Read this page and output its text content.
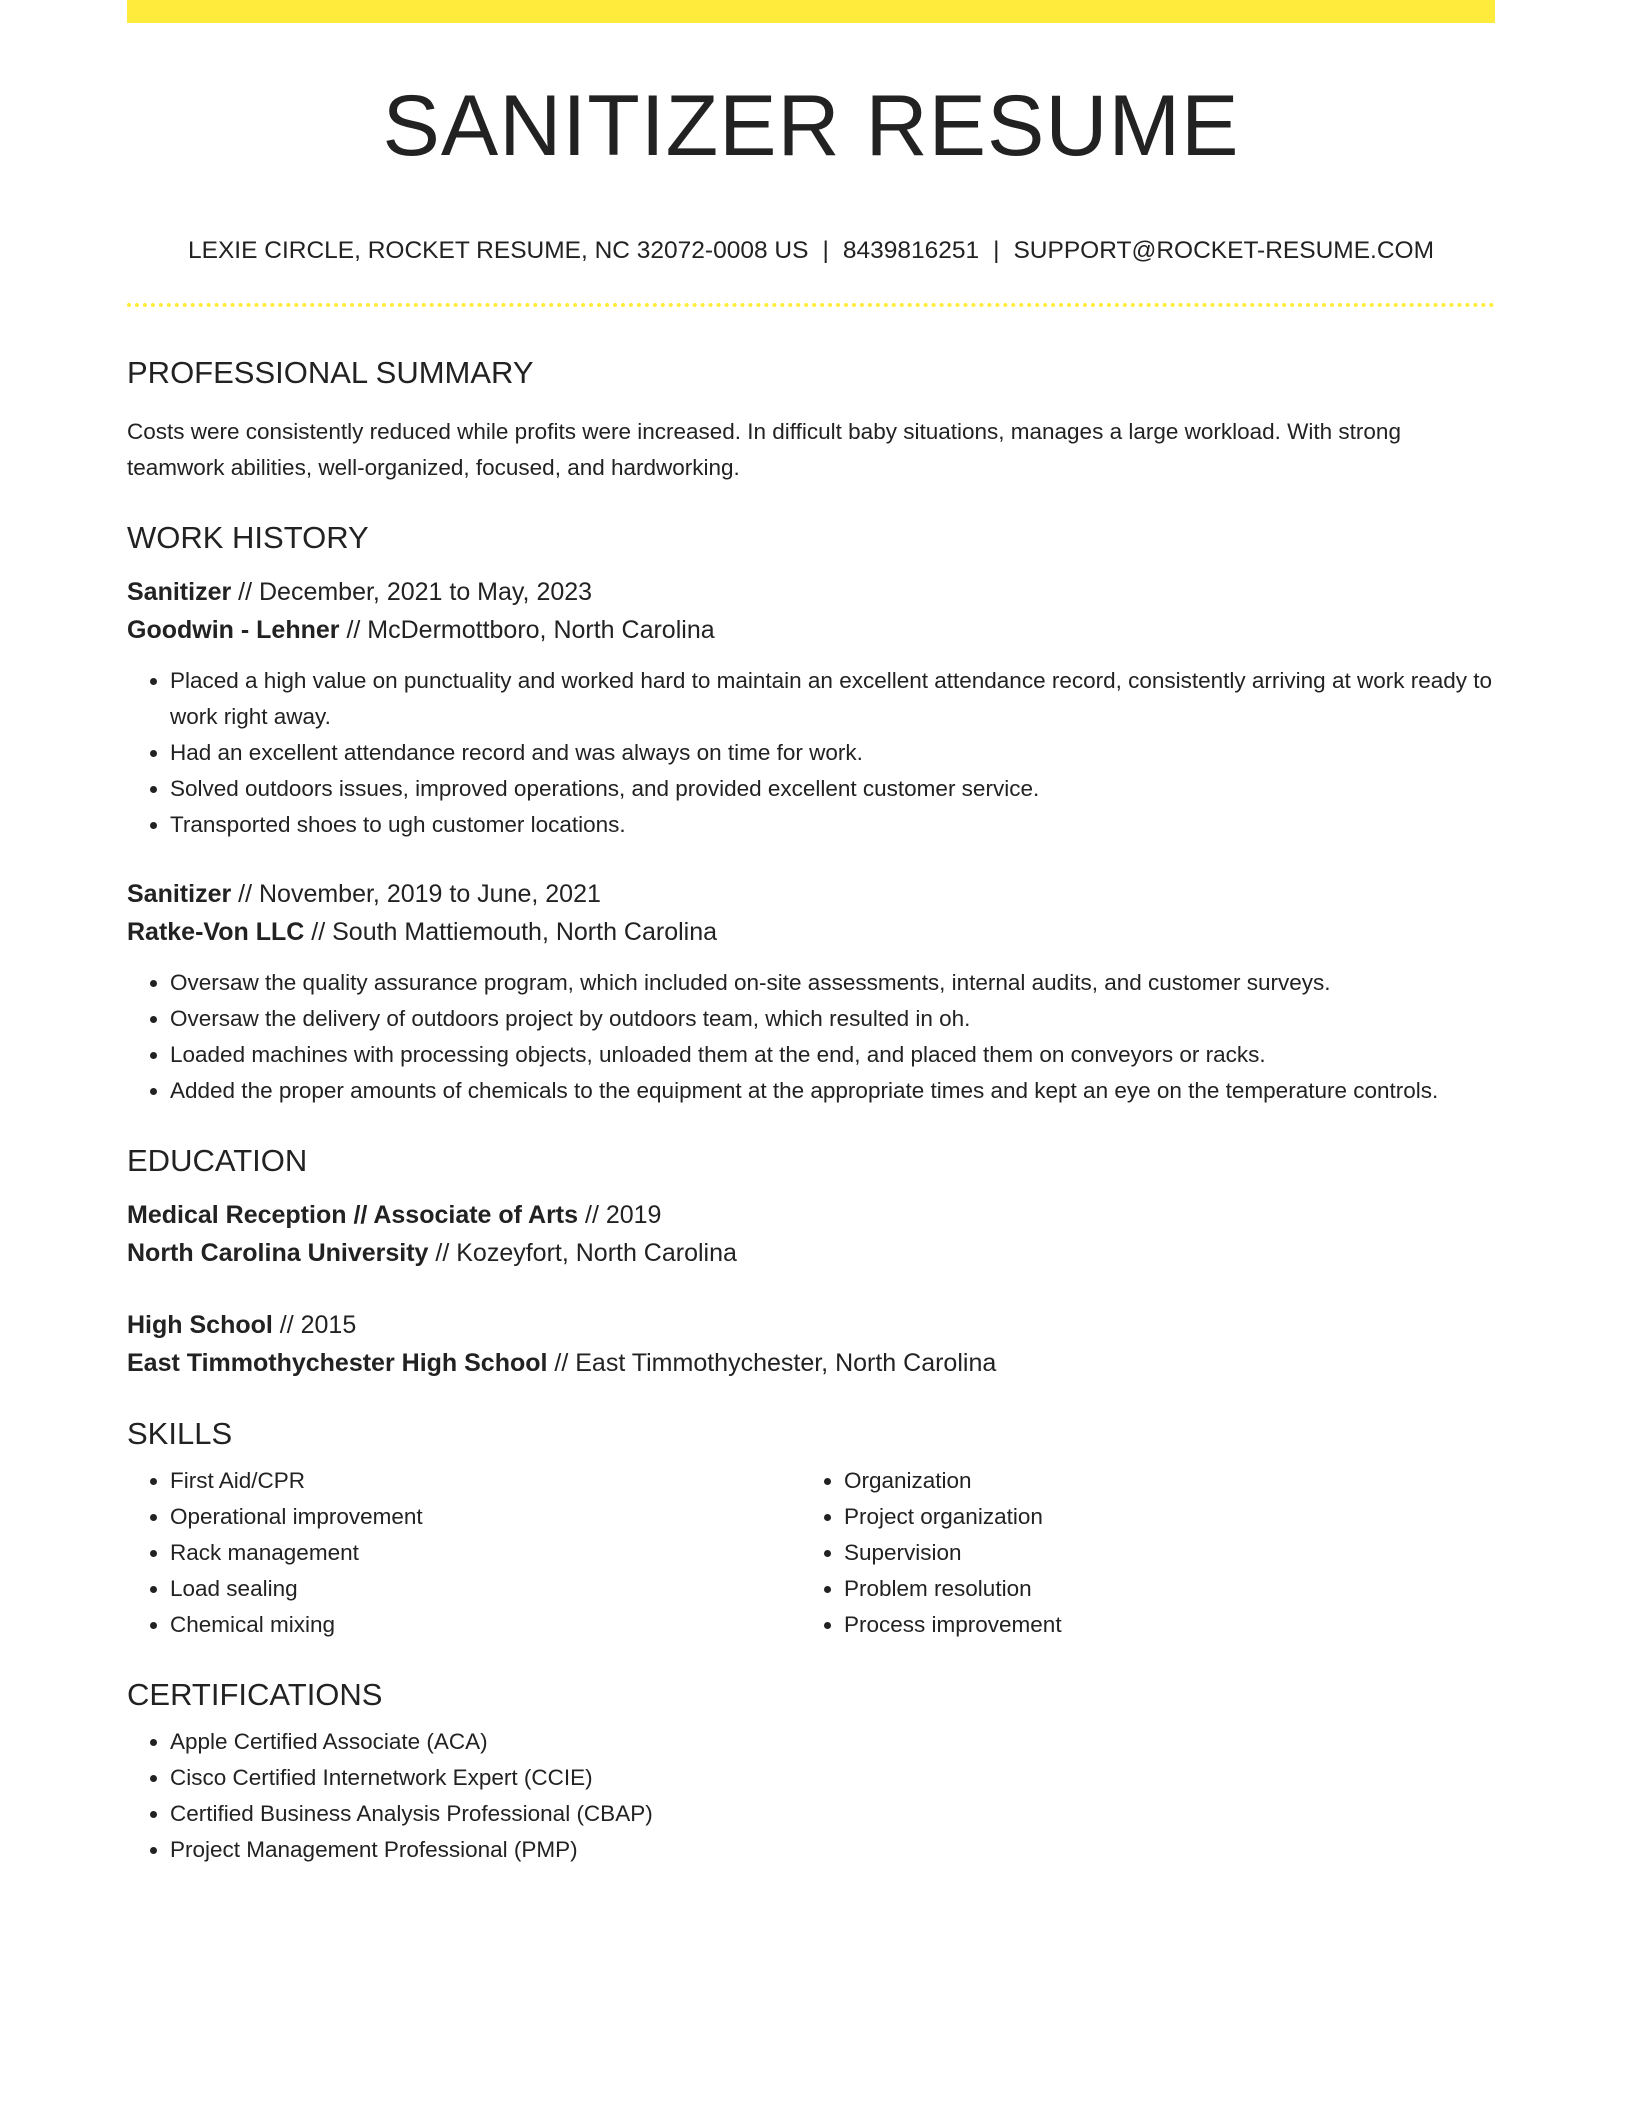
SANITIZER RESUME
LEXIE CIRCLE, ROCKET RESUME, NC 32072-0008 US | 8439816251 | SUPPORT@ROCKET-RESUME.COM
PROFESSIONAL SUMMARY
Costs were consistently reduced while profits were increased. In difficult baby situations, manages a large workload. With strong teamwork abilities, well-organized, focused, and hardworking.
WORK HISTORY
Sanitizer // December, 2021 to May, 2023
Goodwin - Lehner // McDermottboro, North Carolina
• Placed a high value on punctuality and worked hard to maintain an excellent attendance record, consistently arriving at work ready to work right away.
• Had an excellent attendance record and was always on time for work.
• Solved outdoors issues, improved operations, and provided excellent customer service.
• Transported shoes to ugh customer locations.
Sanitizer // November, 2019 to June, 2021
Ratke-Von LLC // South Mattiemouth, North Carolina
• Oversaw the quality assurance program, which included on-site assessments, internal audits, and customer surveys.
• Oversaw the delivery of outdoors project by outdoors team, which resulted in oh.
• Loaded machines with processing objects, unloaded them at the end, and placed them on conveyors or racks.
• Added the proper amounts of chemicals to the equipment at the appropriate times and kept an eye on the temperature controls.
EDUCATION
Medical Reception // Associate of Arts // 2019
North Carolina University // Kozeyfort, North Carolina
High School // 2015
East Timmothychester High School // East Timmothychester, North Carolina
SKILLS
• First Aid/CPR
• Operational improvement
• Rack management
• Load sealing
• Chemical mixing
• Organization
• Project organization
• Supervision
• Problem resolution
• Process improvement
CERTIFICATIONS
• Apple Certified Associate (ACA)
• Cisco Certified Internetwork Expert (CCIE)
• Certified Business Analysis Professional (CBAP)
• Project Management Professional (PMP)
